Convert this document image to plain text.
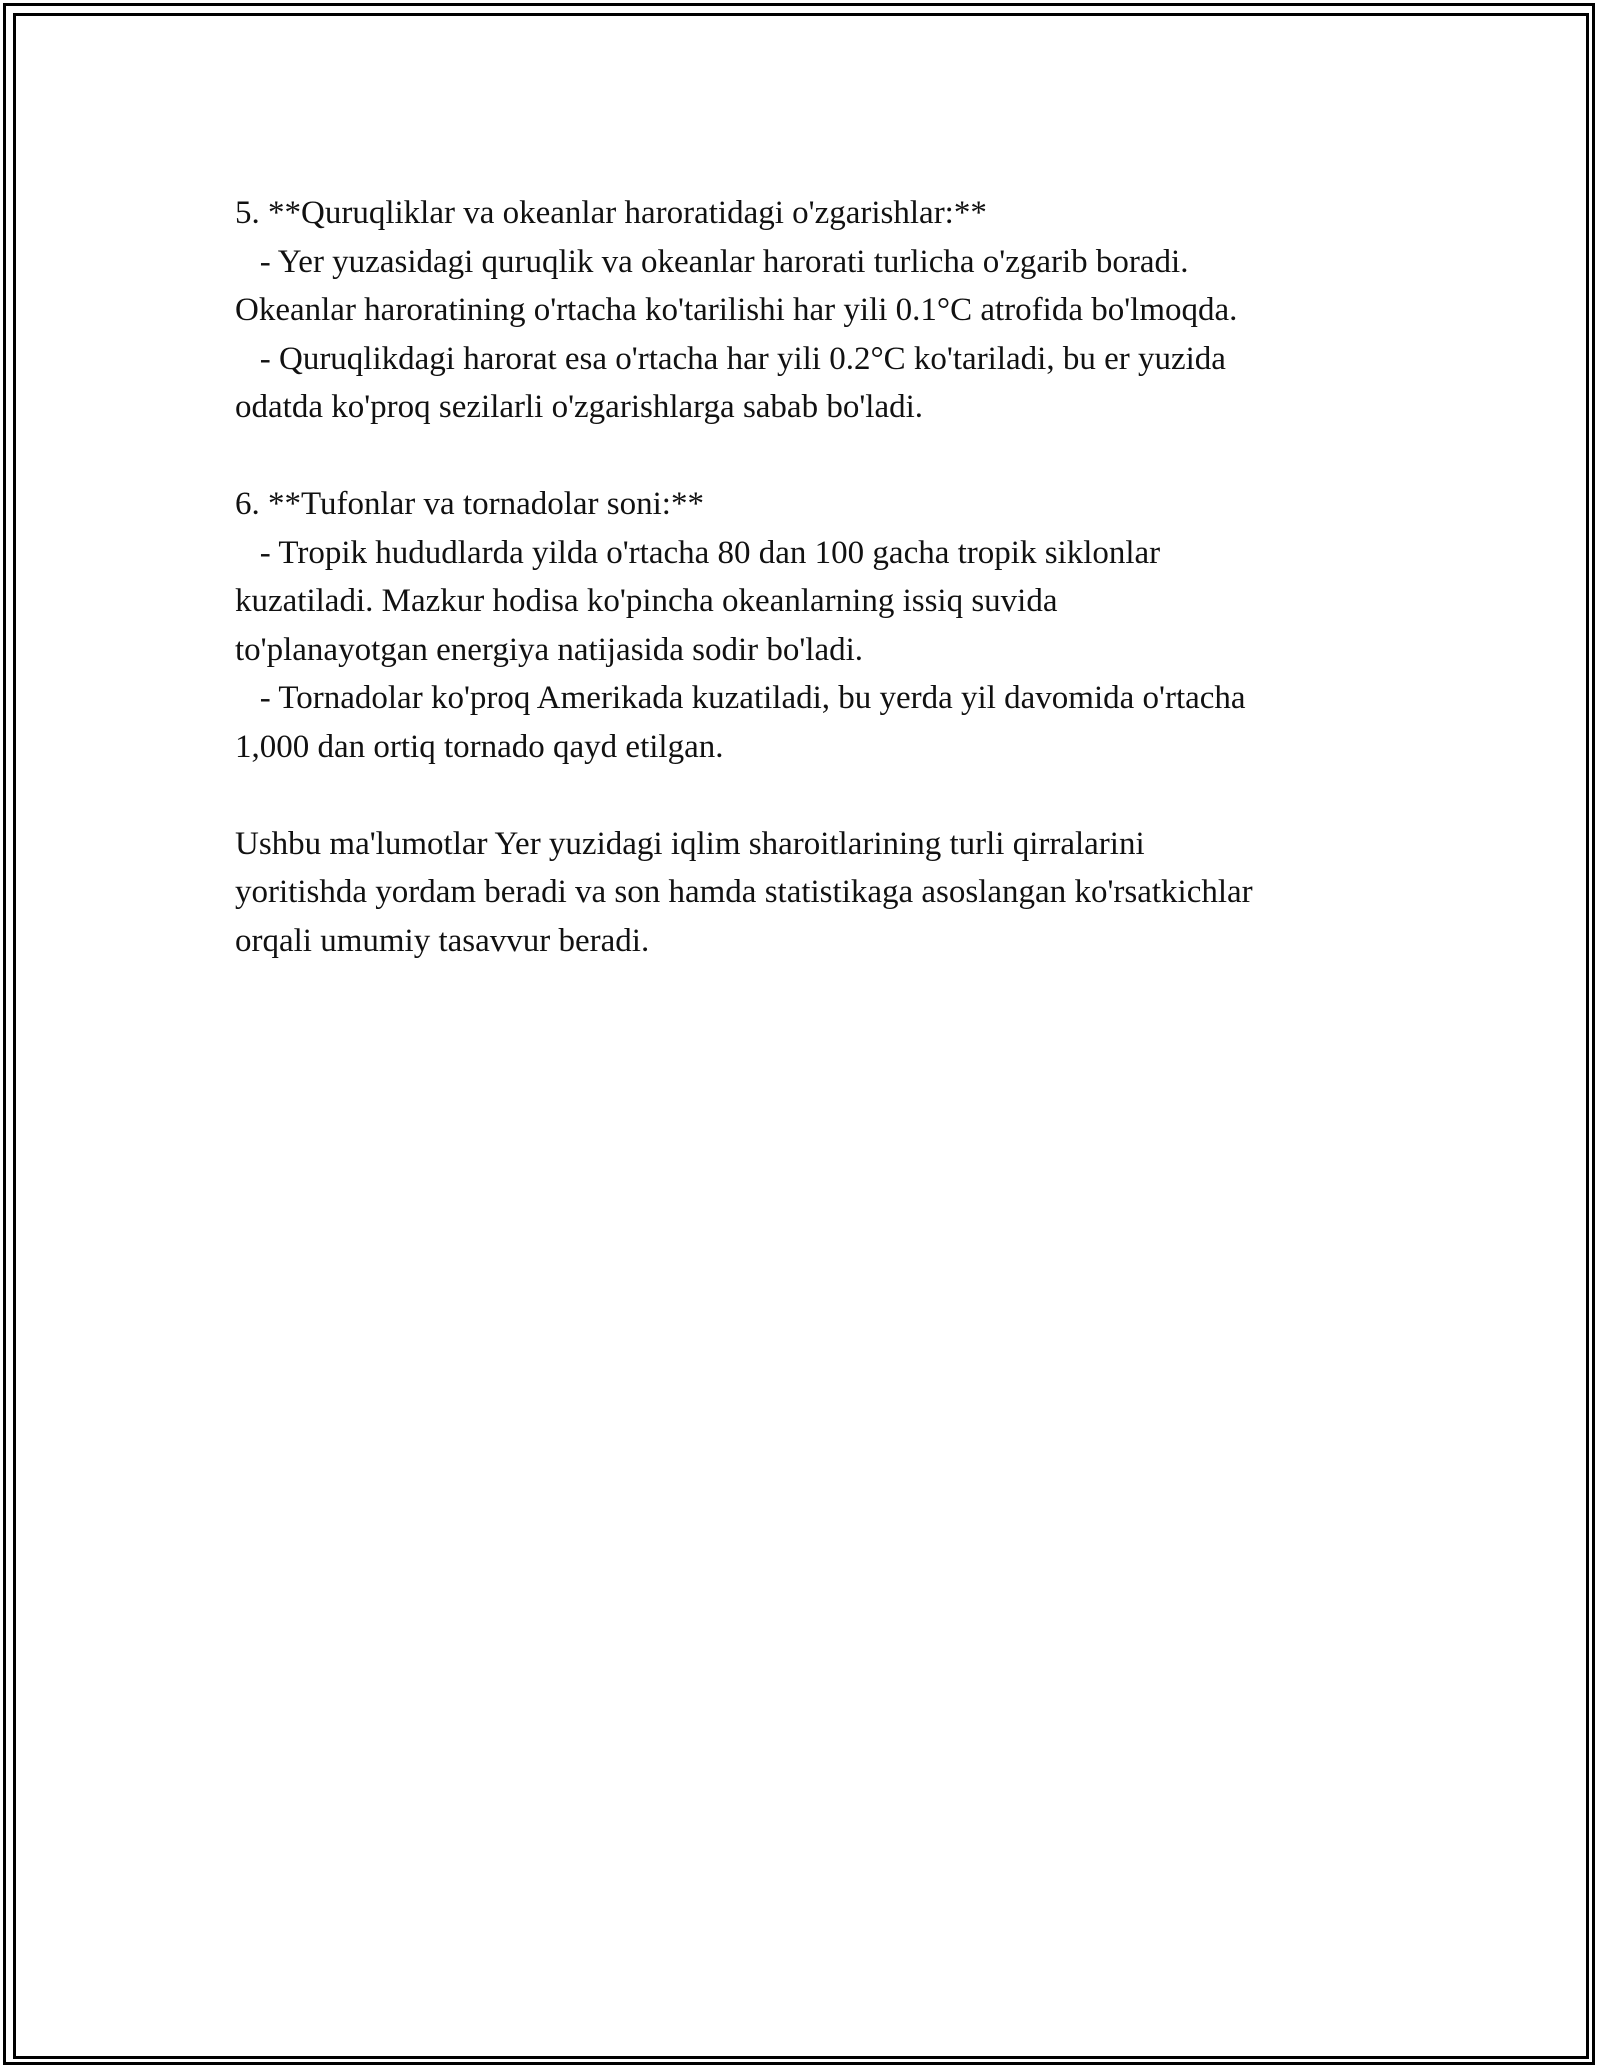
5. **Quruqliklar va okeanlar haroratidagi o'zgarishlar:**

- Yer yuzasidagi quruqlik va okeanlar harorati turlicha o'zgarib boradi.

Okeanlar haroratining o'rtacha ko'tarilishi har yili 0.1°C atrofida bo'lmoqda.

- Quruqlikdagi harorat esa o'rtacha har yili 0.2°C ko'tariladi, bu er yuzida

odatda ko'proq sezilarli o'zgarishlarga sabab bo'ladi.

6. **Tufonlar va tornadolar soni:**

- Tropik hududlarda yilda o'rtacha 80 dan 100 gacha tropik siklonlar

kuzatiladi. Mazkur hodisa ko'pincha okeanlarning issiq suvida

to'planayotgan energiya natijasida sodir bo'ladi.

- Tornadolar ko'proq Amerikada kuzatiladi, bu yerda yil davomida o'rtacha

1,000 dan ortiq tornado qayd etilgan.

Ushbu ma'lumotlar Yer yuzidagi iqlim sharoitlarining turli qirralarini

yoritishda yordam beradi va son hamda statistikaga asoslangan ko'rsatkichlar

orqali umumiy tasavvur beradi.
